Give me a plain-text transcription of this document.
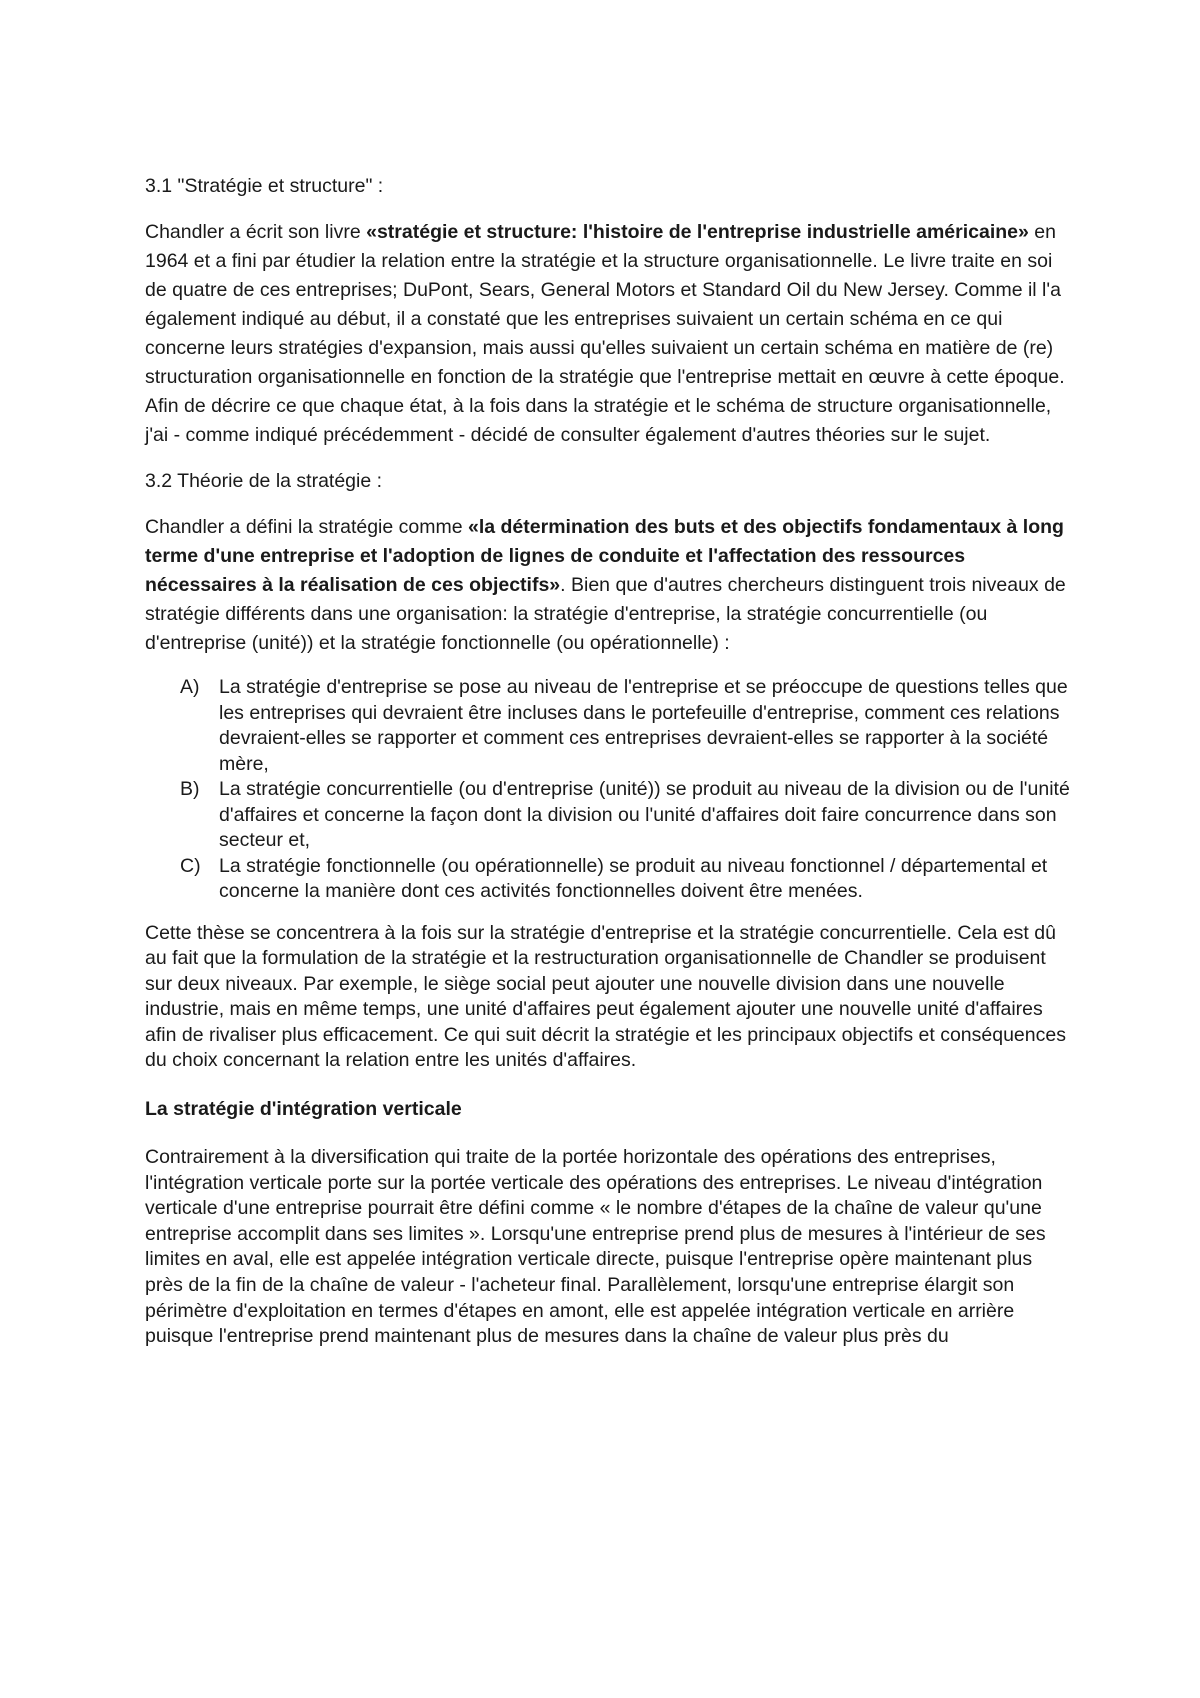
3.1 "Stratégie et structure" :

Chandler a écrit son livre «stratégie et structure: l'histoire de l'entreprise industrielle américaine» en 1964 et a fini par étudier la relation entre la stratégie et la structure organisationnelle. Le livre traite en soi de quatre de ces entreprises; DuPont, Sears, General Motors et Standard Oil du New Jersey. Comme il l'a également indiqué au début, il a constaté que les entreprises suivaient un certain schéma en ce qui concerne leurs stratégies d'expansion, mais aussi qu'elles suivaient un certain schéma en matière de (re) structuration organisationnelle en fonction de la stratégie que l'entreprise mettait en œuvre à cette époque. Afin de décrire ce que chaque état, à la fois dans la stratégie et le schéma de structure organisationnelle, j'ai - comme indiqué précédemment - décidé de consulter également d'autres théories sur le sujet.

3.2 Théorie de la stratégie :

Chandler a défini la stratégie comme «la détermination des buts et des objectifs fondamentaux à long terme d'une entreprise et l'adoption de lignes de conduite et l'affectation des ressources nécessaires à la réalisation de ces objectifs». Bien que d'autres chercheurs distinguent trois niveaux de stratégie différents dans une organisation: la stratégie d'entreprise, la stratégie concurrentielle (ou d'entreprise (unité)) et la stratégie fonctionnelle (ou opérationnelle) :

A) La stratégie d'entreprise se pose au niveau de l'entreprise et se préoccupe de questions telles que les entreprises qui devraient être incluses dans le portefeuille d'entreprise, comment ces relations devraient-elles se rapporter et comment ces entreprises devraient-elles se rapporter à la société mère,
B) La stratégie concurrentielle (ou d'entreprise (unité)) se produit au niveau de la division ou de l'unité d'affaires et concerne la façon dont la division ou l'unité d'affaires doit faire concurrence dans son secteur et,
C) La stratégie fonctionnelle (ou opérationnelle) se produit au niveau fonctionnel / départemental et concerne la manière dont ces activités fonctionnelles doivent être menées.

Cette thèse se concentrera à la fois sur la stratégie d'entreprise et la stratégie concurrentielle. Cela est dû au fait que la formulation de la stratégie et la restructuration organisationnelle de Chandler se produisent sur deux niveaux. Par exemple, le siège social peut ajouter une nouvelle division dans une nouvelle industrie, mais en même temps, une unité d'affaires peut également ajouter une nouvelle unité d'affaires afin de rivaliser plus efficacement. Ce qui suit décrit la stratégie et les principaux objectifs et conséquences du choix concernant la relation entre les unités d'affaires.

La stratégie d'intégration verticale

Contrairement à la diversification qui traite de la portée horizontale des opérations des entreprises, l'intégration verticale porte sur la portée verticale des opérations des entreprises. Le niveau d'intégration verticale d'une entreprise pourrait être défini comme « le nombre d'étapes de la chaîne de valeur qu'une entreprise accomplit dans ses limites ». Lorsqu'une entreprise prend plus de mesures à l'intérieur de ses limites en aval, elle est appelée intégration verticale directe, puisque l'entreprise opère maintenant plus près de la fin de la chaîne de valeur - l'acheteur final. Parallèlement, lorsqu'une entreprise élargit son périmètre d'exploitation en termes d'étapes en amont, elle est appelée intégration verticale en arrière puisque l'entreprise prend maintenant plus de mesures dans la chaîne de valeur plus près du
